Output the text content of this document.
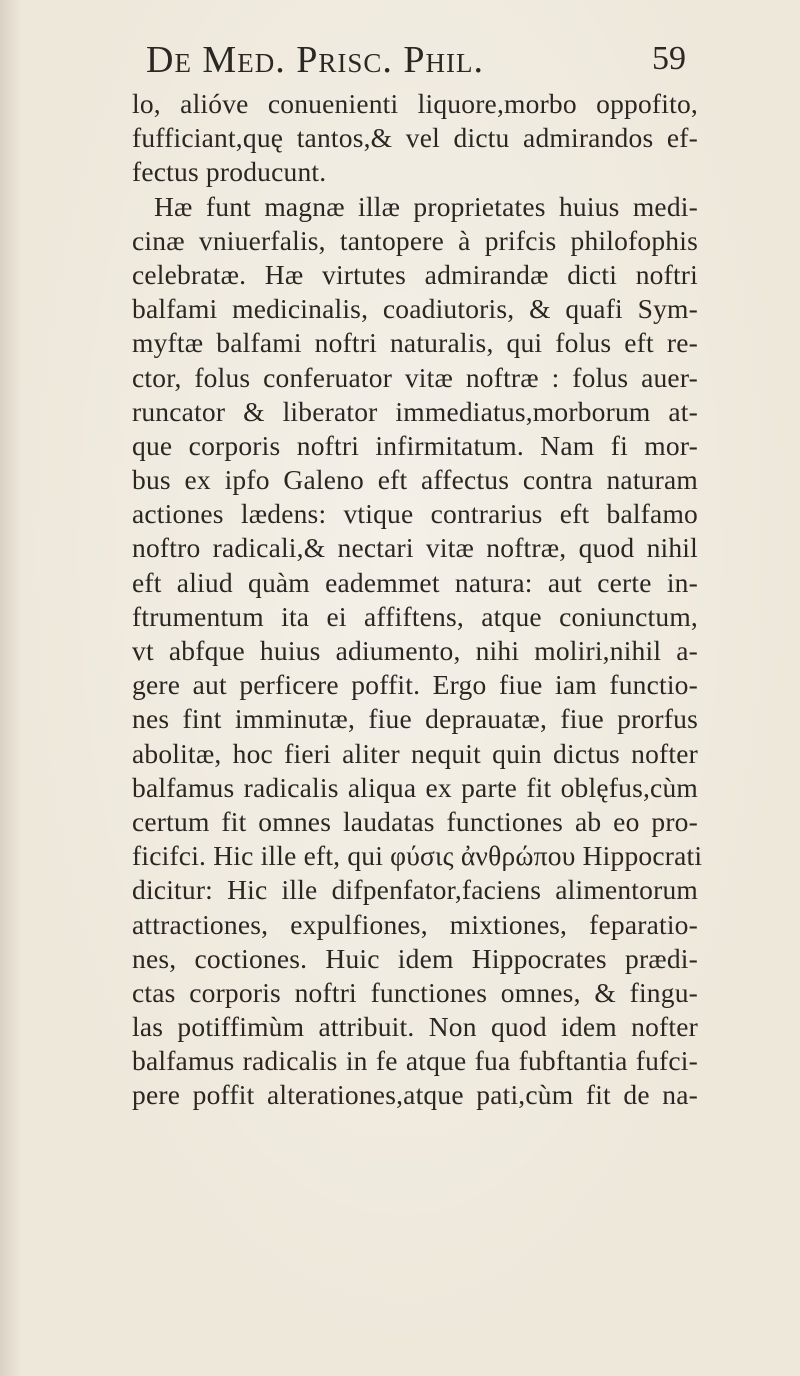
De Med. Prisc. Phil.	59
lo, alióve conuenienti liquore,morbo oppofito,
fufficiant,quę tantos,& vel dictu admirandos ef-
fectus producunt.
Hæ funt magnæ illæ proprietates huius medi-
cinæ vniuerfalis, tantopere à prifcis philofophis
celebratæ. Hæ virtutes admirandæ dicti noftri
balfami medicinalis, coadiutoris, & quafi Sym-
myftæ balfami noftri naturalis, qui folus eft re-
ctor, folus conferuator vitæ noftræ : folus auer-
runcator & liberator immediatus,morborum at-
que corporis noftri infirmitatum. Nam fi mor-
bus ex ipfo Galeno eft affectus contra naturam
actiones lædens: vtique contrarius eft balfamo
noftro radicali,& nectari vitæ noftræ, quod nihil
eft aliud quàm eademmet natura: aut certe in-
ftrumentum ita ei affiftens, atque coniunctum,
vt abfque huius adiumento, nihi moliri,nihil a-
gere aut perficere poffit. Ergo fiue iam functio-
nes fint imminutæ, fiue deprauatæ, fiue prorfus
abolitæ, hoc fieri aliter nequit quin dictus nofter
balfamus radicalis aliqua ex parte fit oblęfus,cùm
certum fit omnes laudatas functiones ab eo pro-
ficifci. Hic ille eft, qui φύσις ἀνθρώπου Hippocrati
dicitur: Hic ille difpenfator,faciens alimentorum
attractiones, expulfiones, mixtiones, feparatio-
nes, coctiones. Huic idem Hippocrates prædi-
ctas corporis noftri functiones omnes, & fingu-
las potiffimùm attribuit. Non quod idem nofter
balfamus radicalis in fe atque fua fubftantia fufci-
pere poffit alterationes,atque pati,cùm fit de na-
